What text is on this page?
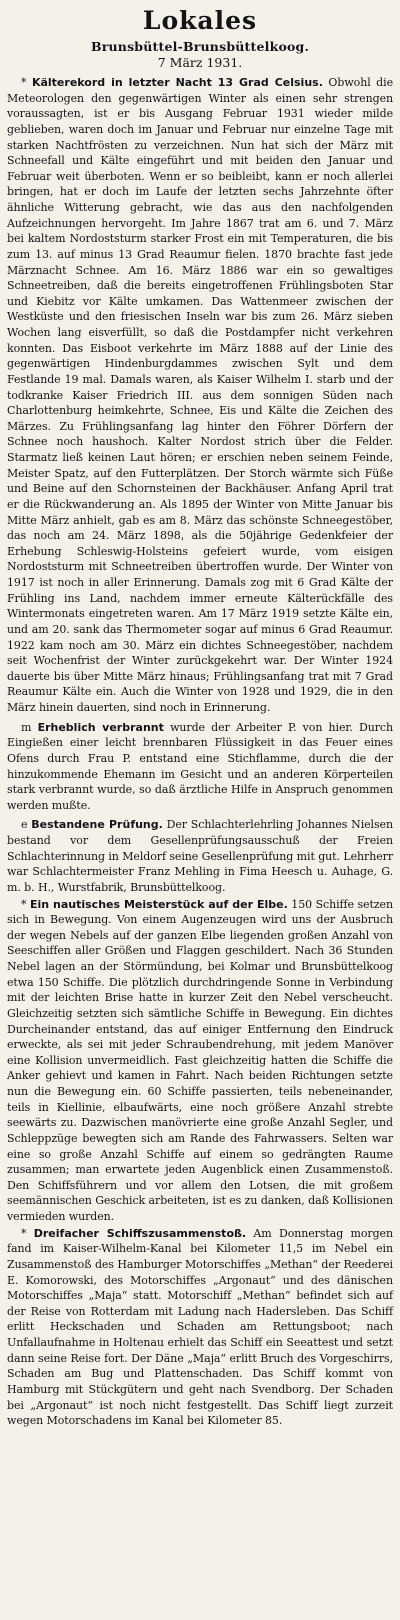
Lokales
Brunsbüttel-Brunsbüttelkoog.
7 März 1931.

* Kälterekord in letzter Nacht 13 Grad Celsius. Obwohl die Meteorologen den gegenwärtigen Winter als einen sehr strengen voraussagten, ist er bis Ausgang Februar 1931 wieder milde geblieben, waren doch im Januar und Februar nur einzelne Tage mit starken Nachtfrösten zu verzeichnen. Nun hat sich der März mit Schneefall und Kälte eingeführt und mit beiden den Januar und Februar weit überboten. Wenn er so beibleibt, kann er noch allerlei bringen, hat er doch im Laufe der letzten sechs Jahrzehnte öfter ähnliche Witterung gebracht, wie das aus den nachfolgenden Aufzeichnungen hervorgeht. Im Jahre 1867 trat am 6. und 7. März bei kaltem Nordoststurm starker Frost ein mit Temperaturen, die bis zum 13. auf minus 13 Grad Reaumur fielen. 1870 brachte fast jede Märznacht Schnee. Am 16. März 1886 war ein so gewaltiges Schneetreiben, daß die bereits eingetroffenen Frühlingsboten Star und Kiebitz vor Kälte umkamen. Das Wattenmeer zwischen der Westküste und den friesischen Inseln war bis zum 26. März sieben Wochen lang eisverfüllt, so daß die Postdampfer nicht verkehren konnten. Das Eisboot verkehrte im März 1888 auf der Linie des gegenwärtigen Hindenburgdammes zwischen Sylt und dem Festlande 19 mal. Damals waren, als Kaiser Wilhelm I. starb und der todkranke Kaiser Friedrich III. aus dem sonnigen Süden nach Charlottenburg heimkehrte, Schnee, Eis und Kälte die Zeichen des Märzes. Zu Frühlingsanfang lag hinter den Föhrer Dörfern der Schnee noch haushoch. Kalter Nordost strich über die Felder. Starmatz ließ keinen Laut hören; er erschien neben seinem Feinde, Meister Spatz, auf den Futterplätzen. Der Storch wärmte sich Füße und Beine auf den Schornsteinen der Backhäuser. Anfang April trat er die Rückwanderung an. Als 1895 der Winter von Mitte Januar bis Mitte März anhielt, gab es am 8. März das schönste Schneegestöber, das noch am 24. März 1898, als die 50jährige Gedenkfeier der Erhebung Schleswig-Holsteins gefeiert wurde, vom eisigen Nordoststurm mit Schneetreiben übertroffen wurde. Der Winter von 1917 ist noch in aller Erinnerung. Damals zog mit 6 Grad Kälte der Frühling ins Land, nachdem immer erneute Kälterückfälle des Wintermonats eingetreten waren. Am 17 März 1919 setzte Kälte ein, und am 20. sank das Thermometer sogar auf minus 6 Grad Reaumur. 1922 kam noch am 30. März ein dichtes Schneegestöber, nachdem seit Wochenfrist der Winter zurückgekehrt war. Der Winter 1924 dauerte bis über Mitte März hinaus; Frühlingsanfang trat mit 7 Grad Reaumur Kälte ein. Auch die Winter von 1928 und 1929, die in den März hinein dauerten, sind noch in Erinnerung.

m Erheblich verbrannt wurde der Arbeiter P. von hier. Durch Eingießen einer leicht brennbaren Flüssigkeit in das Feuer eines Ofens durch Frau P. entstand eine Stichflamme, durch die der hinzukommende Ehemann im Gesicht und an anderen Körperteilen stark verbrannt wurde, so daß ärztliche Hilfe in Anspruch genommen werden mußte.

e Bestandene Prüfung. Der Schlachterlehrling Johannes Nielsen bestand vor dem Gesellenprüfungsausschuß der Freien Schlachterinnung in Meldorf seine Gesellenprüfung mit gut. Lehrherr war Schlachtermeister Franz Mehling in Fima Heesch u. Auhage, G. m. b. H., Wurstfabrik, Brunsbüttelkoog.

* Ein nautisches Meisterstück auf der Elbe. 150 Schiffe setzen sich in Bewegung. Von einem Augenzeugen wird uns der Ausbruch der wegen Nebels auf der ganzen Elbe liegenden großen Anzahl von Seeschiffen aller Größen und Flaggen geschildert. Nach 36 Stunden Nebel lagen an der Störmündung, bei Kolmar und Brunsbüttelkoog etwa 150 Schiffe. Die plötzlich durchdringende Sonne in Verbindung mit der leichten Brise hatte in kurzer Zeit den Nebel verscheucht. Gleichzeitig setzten sich sämtliche Schiffe in Bewegung. Ein dichtes Durcheinander entstand, das auf einiger Entfernung den Eindruck erweckte, als sei mit jeder Schraubendrehung, mit jedem Manöver eine Kollision unvermeidlich. Fast gleichzeitig hatten die Schiffe die Anker gehievt und kamen in Fahrt. Nach beiden Richtungen setzte nun die Bewegung ein. 60 Schiffe passierten, teils nebeneinander, teils in Kiellinie, elbaufwärts, eine noch größere Anzahl strebte seewärts zu. Dazwischen manövrierte eine große Anzahl Segler, und Schleppzüge bewegten sich am Rande des Fahrwassers. Selten war eine so große Anzahl Schiffe auf einem so gedrängten Raume zusammen; man erwartete jeden Augenblick einen Zusammenstoß. Den Schiffsführern und vor allem den Lotsen, die mit großem seemännischen Geschick arbeiteten, ist es zu danken, daß Kollisionen vermieden wurden.

* Dreifacher Schiffszusammenstoß. Am Donnerstag morgen fand im Kaiser-Wilhelm-Kanal bei Kilometer 11,5 im Nebel ein Zusammenstoß des Hamburger Motorschiffes „Methan“ der Reederei E. Komorowski, des Motorschiffes „Argonaut“ und des dänischen Motorschiffes „Maja“ statt. Motorschiff „Methan“ befindet sich auf der Reise von Rotterdam mit Ladung nach Hadersleben. Das Schiff erlitt Heckschaden und Schaden am Rettungsboot; nach Unfallaufnahme in Holtenau erhielt das Schiff ein Seeattest und setzt dann seine Reise fort. Der Däne „Maja“ erlitt Bruch des Vorgeschirrs, Schaden am Bug und Plattenschaden. Das Schiff kommt von Hamburg mit Stückgütern und geht nach Svendborg. Der Schaden bei „Argonaut“ ist noch nicht festgestellt. Das Schiff liegt zurzeit wegen Motorschadens im Kanal bei Kilometer 85.
